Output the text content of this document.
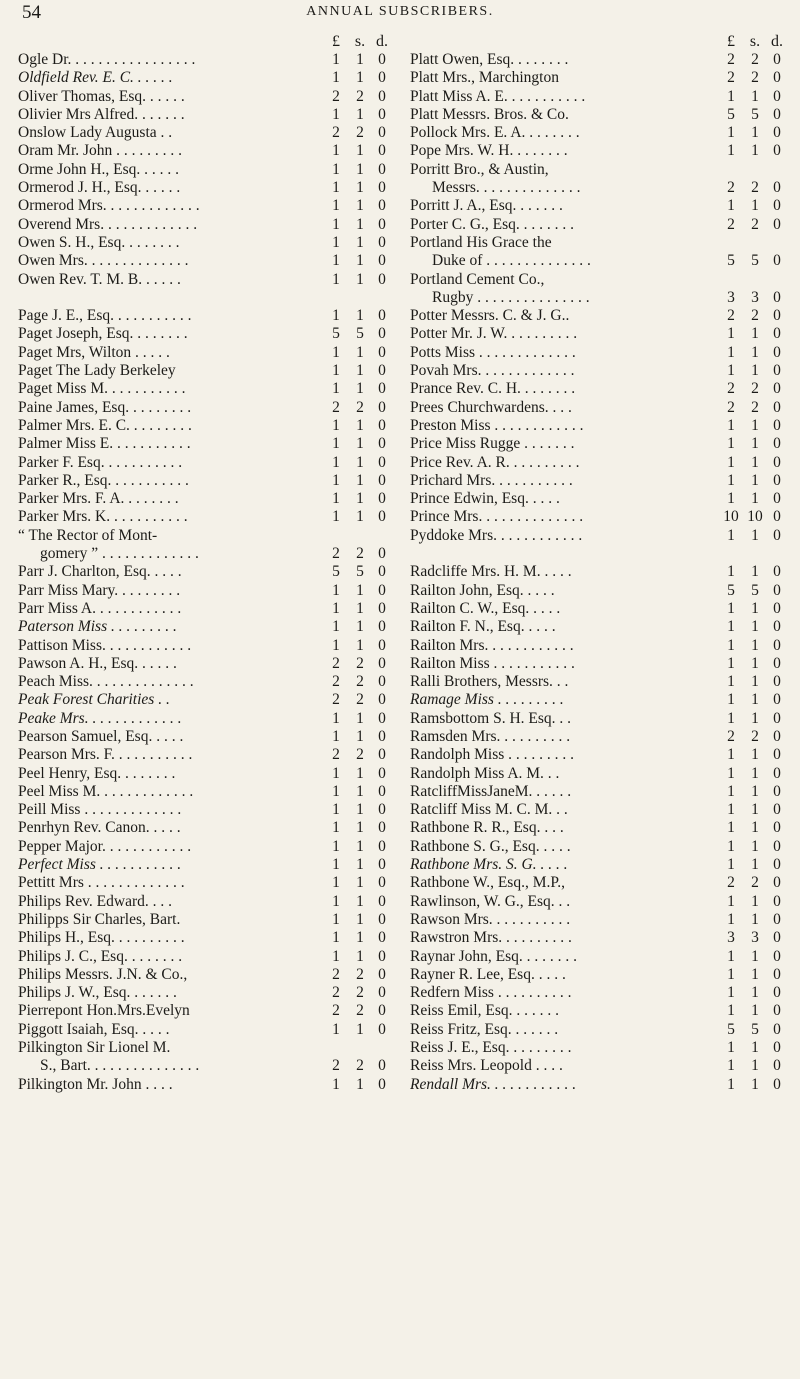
54	ANNUAL SUBSCRIBERS.
£ s. d.
Ogle Dr. . . . . . . . . . . . . . . . .	1	1 0
Oldfield Rev. E. C. . . . . .	1	1 0
Oliver Thomas, Esq. . . . . .	2	2 0
Olivier Mrs Alfred. . . . . . .	1	1 0
Onslow Lady Augusta . .	2	2 0
Oram Mr. John . . . . . . . . .	1	1 0
Orme John H., Esq. . . . . .	1	1 0
Ormerod J. H., Esq. . . . . .	1	1 0
Ormerod Mrs. . . . . . . . . . . . .	1	1 0
Overend Mrs. . . . . . . . . . . . .	1	1 0
Owen S. H., Esq. . . . . . . .	1	1 0
Owen Mrs. . . . . . . . . . . . . .	1	1 0
Owen Rev. T. M. B. . . . . .	1	1 0
Page J. E., Esq. . . . . . . . . . .	1	1 0
Paget Joseph, Esq. . . . . . . .	5	5 0
Paget Mrs, Wilton . . . . .	1	1 0
Paget The Lady Berkeley	1	1 0
Paget Miss M. . . . . . . . . . .	1	1 0
Paine James, Esq. . . . . . . . .	2	2 0
Palmer Mrs. E. C. . . . . . . . .	1	1 0
Palmer Miss E. . . . . . . . . . .	1	1 0
Parker F. Esq. . . . . . . . . . .	1	1 0
Parker R., Esq. . . . . . . . . . .	1	1 0
Parker Mrs. F. A. . . . . . . .	1	1 0
Parker Mrs. K. . . . . . . . . . .	1	1 0
“ The Rector of Mont-
gomery ” . . . . . . . . . . . . .	2	2 0
Parr J. Charlton, Esq. . . . .	5	5 0
Parr Miss Mary. . . . . . . . .	1	1 0
Parr Miss A. . . . . . . . . . . .	1	1 0
Paterson Miss . . . . . . . . .	1	1 0
Pattison Miss. . . . . . . . . . . .	1	1 0
Pawson A. H., Esq. . . . . .	2	2 0
Peach Miss. . . . . . . . . . . . . .	2	2 0
Peak Forest Charities . .	2	2 0
Peake Mrs. . . . . . . . . . . . .	1	1 0
Pearson Samuel, Esq. . . . .	1	1 0
Pearson Mrs. F. . . . . . . . . . .	2	2 0
Peel Henry, Esq. . . . . . . .	1	1 0
Peel Miss M. . . . . . . . . . . . .	1	1 0
Peill Miss . . . . . . . . . . . . .	1	1 0
Penrhyn Rev. Canon. . . . .	1	1 0
Pepper Major. . . . . . . . . . . .	1	1 0
Perfect Miss . . . . . . . . . . .	1	1 0
Pettitt Mrs . . . . . . . . . . . . .	1	1 0
Philips Rev. Edward. . . .	1	1 0
Philipps Sir Charles, Bart.	1	1 0
Philips H., Esq. . . . . . . . . .	1	1 0
Philips J. C., Esq. . . . . . . .	1	1 0
Philips Messrs. J.N. & Co.,	2	2 0
Philips J. W., Esq. . . . . . .	2	2 0
Pierrepont Hon.Mrs.Evelyn	2	2 0
Piggott Isaiah, Esq. . . . .	1	1 0
Pilkington Sir Lionel M.
S., Bart. . . . . . . . . . . . . . .	2	2 0
Pilkington Mr. John . . . .	1	1 0
£ s. d.
Platt Owen, Esq. . . . . . . .	2	2 0
Platt Mrs., Marchington	2	2 0
Platt Miss A. E. . . . . . . . . . .	1	1 0
Platt Messrs. Bros. & Co.	5	5 0
Pollock Mrs. E. A. . . . . . . .	1	1 0
Pope Mrs. W. H. . . . . . . .	1	1 0
Porritt Bro., & Austin,
Messrs. . . . . . . . . . . . . .	2	2 0
Porritt J. A., Esq. . . . . . .	1	1 0
Porter C. G., Esq. . . . . . . .	2	2 0
Portland His Grace the
Duke of . . . . . . . . . . . . . .	5	5 0
Portland Cement Co.,
Rugby . . . . . . . . . . . . . . .	3	3 0
Potter Messrs. C. & J. G..	2	2 0
Potter Mr. J. W. . . . . . . . . .	1	1 0
Potts Miss . . . . . . . . . . . . .	1	1 0
Povah Mrs. . . . . . . . . . . . .	1	1 0
Prance Rev. C. H. . . . . . . .	2	2 0
Prees Churchwardens. . . .	2	2 0
Preston Miss . . . . . . . . . . . .	1	1 0
Price Miss Rugge . . . . . . .	1	1 0
Price Rev. A. R. . . . . . . . . .	1	1 0
Prichard Mrs. . . . . . . . . . .	1	1 0
Prince Edwin, Esq. . . . .	1	1 0
Prince Mrs. . . . . . . . . . . . . .	10 10 0
Pyddoke Mrs. . . . . . . . . . . .	1	1 0
Radcliffe Mrs. H. M. . . . .	1	1 0
Railton John, Esq. . . . .	5	5 0
Railton C. W., Esq. . . . .	1	1 0
Railton F. N., Esq. . . . .	1	1 0
Railton Mrs. . . . . . . . . . . .	1	1 0
Railton Miss . . . . . . . . . . .	1	1 0
Ralli Brothers, Messrs. . .	1	1 0
Ramage Miss . . . . . . . . .	1	1 0
Ramsbottom S. H. Esq. . .	1	1 0
Ramsden Mrs. . . . . . . . . .	2	2 0
Randolph Miss . . . . . . . . .	1	1 0
Randolph Miss A. M. . .	1	1 0
RatcliffMissJaneM. . . . . .	1	1 0
Ratcliff Miss M. C. M. . .	1	1 0
Rathbone R. R., Esq. . . .	1	1 0
Rathbone S. G., Esq. . . . .	1	1 0
Rathbone Mrs. S. G. . . . .	1	1 0
Rathbone W., Esq., M.P.,	2	2 0
Rawlinson, W. G., Esq. . .	1	1 0
Rawson Mrs. . . . . . . . . . .	1	1 0
Rawstron Mrs. . . . . . . . . .	3	3 0
Raynar John, Esq. . . . . . . .	1	1 0
Rayner R. Lee, Esq. . . . .	1	1 0
Redfern Miss . . . . . . . . . .	1	1 0
Reiss Emil, Esq. . . . . . .	1	1 0
Reiss Fritz, Esq. . . . . . .	5	5 0
Reiss J. E., Esq. . . . . . . . .	1	1 0
Reiss Mrs. Leopold . . . .	1	1 0
Rendall Mrs. . . . . . . . . . . .	1	1 0
